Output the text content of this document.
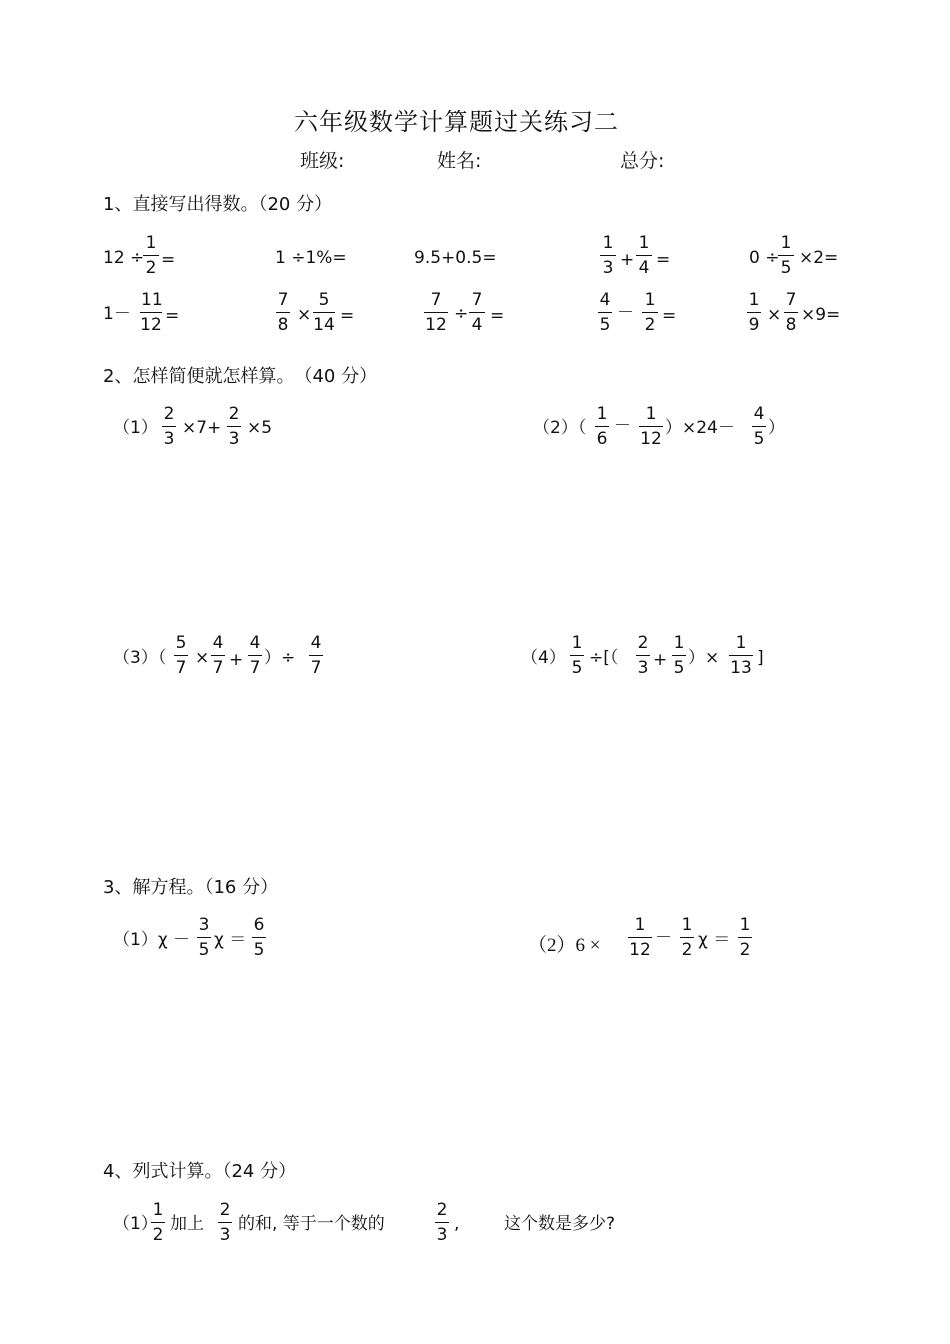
六年级数学计算题过关练习二
班级:	姓名:	总分:
1、直接写出得数。（20 分）
12 ÷
1
2 =	1 ÷1%=	9.5+0.5=
1
3 +
1
4 =	0 ÷
1
5 ×2=
1－
11
12 =
7
8 ×
5
14 =
7
12
÷
7
4 =
4
5
－
1
2 =
1
9 ×
7
8 ×9=
2、怎样简便就怎样算。　（40 分）
（1）
2
3
×7+
2
3
×5	（2）（
1
6
－
1
12
）×24－
4
5
）
（3）（
5
7 ×
4
7 +
4
7 ）÷
4
7	（4）
1
5 ÷[（
2
3 +
1
5 ）×
1
13 ]
3、解方程。（16 分）
（1）χ －
3
5 χ ＝
6
5	（2）6 ×
1
12
－
1
2 χ ＝
1
2
4、列式计算。（24 分）
（1）
1
2
加上
2
3
的和, 等于一个数的
2
3
,	这个数是多少?
